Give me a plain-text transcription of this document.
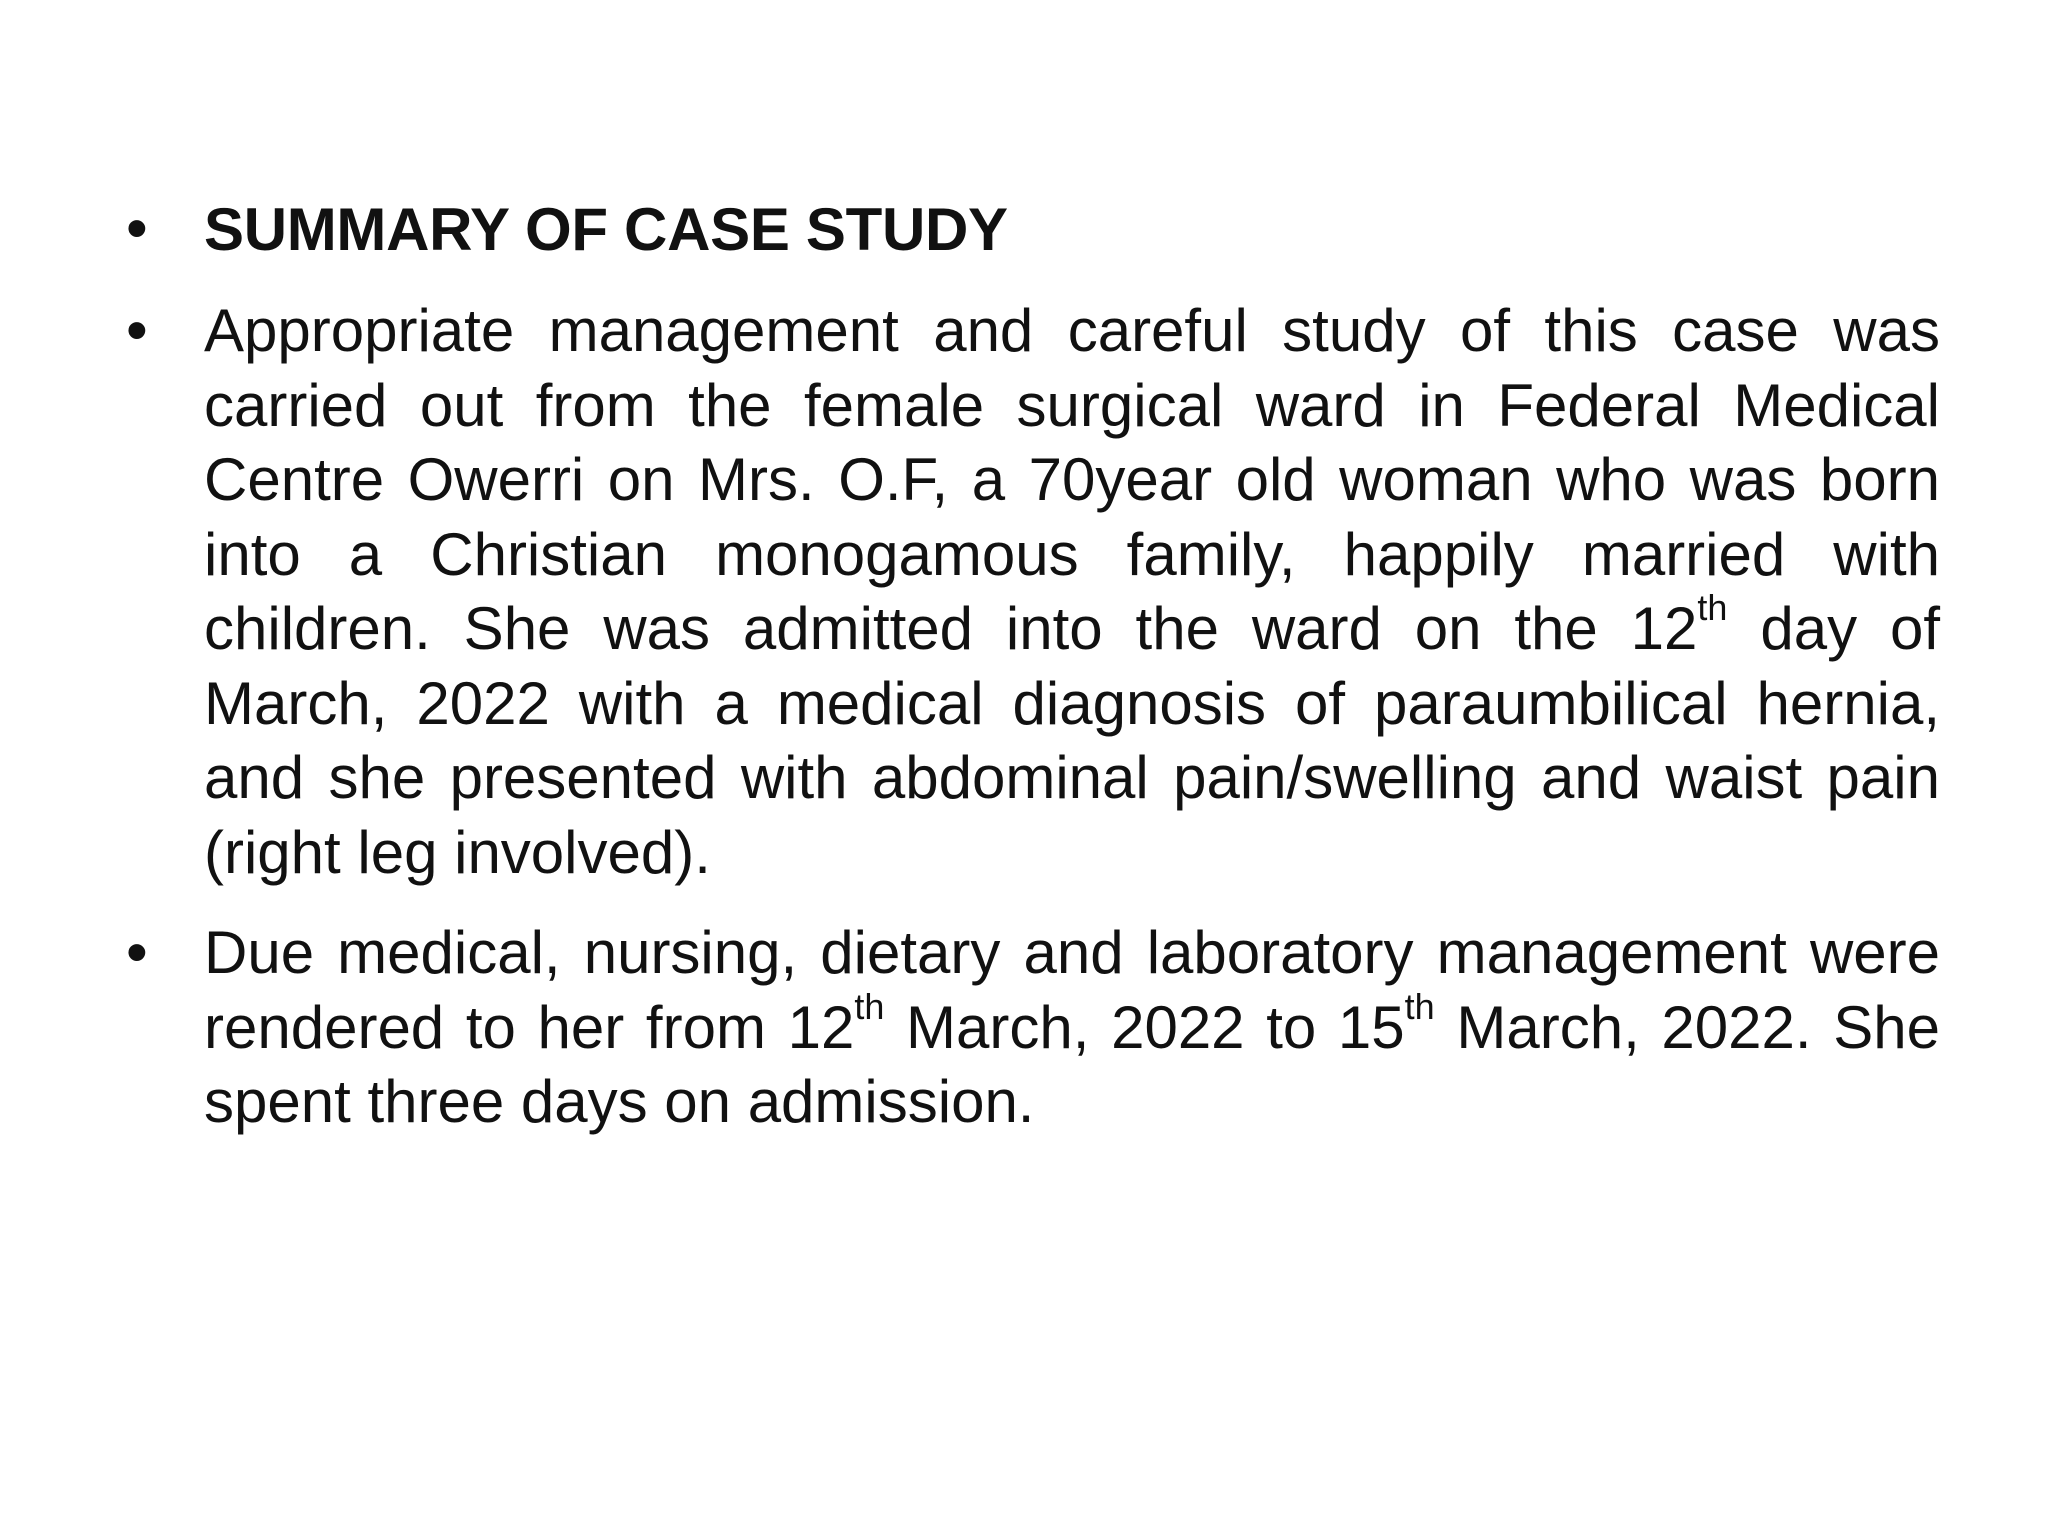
• SUMMARY OF CASE STUDY
• Appropriate management and careful study of this case was carried out from the female surgical ward in Federal Medical Centre Owerri on Mrs. O.F, a 70year old woman who was born into a Christian monogamous family, happily married with children. She was admitted into the ward on the 12th day of March, 2022 with a medical diagnosis of paraumbilical hernia, and she presented with abdominal pain/swelling and waist pain (right leg involved).

• Due medical, nursing, dietary and laboratory management were rendered to her from 12th March, 2022 to 15th March, 2022. She spent three days on admission.
